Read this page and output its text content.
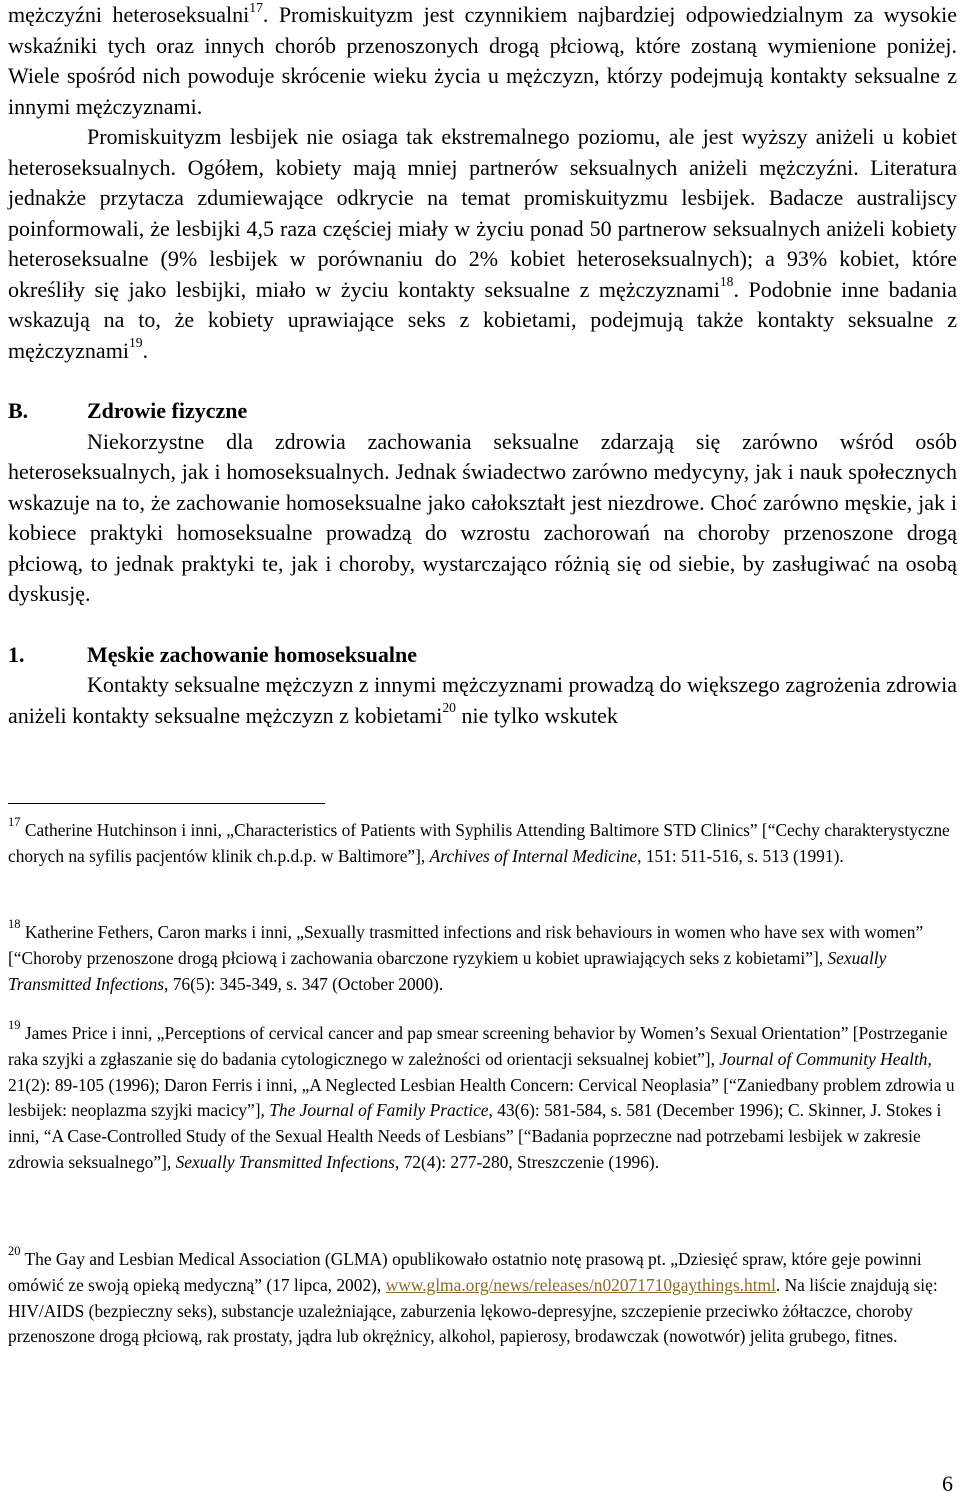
mężczyźni heteroseksualni$^{17}$. Promiskuityzm jest czynnikiem najbardziej odpowiedzialnym za wysokie wskaźniki tych oraz innych chorób przenoszonych drogą płciową, które zostaną wymienione poniżej. Wiele spośród nich powoduje skrócenie wieku życia u mężczyzn, którzy podejmują kontakty seksualne z innymi mężczyznami.

Promiskuityzm lesbijek nie osiaga tak ekstremalnego poziomu, ale jest wyższy aniżeli u kobiet heteroseksualnych. Ogółem, kobiety mają mniej partnerów seksualnych aniżeli mężczyźni. Literatura jednakże przytacza zdumiewające odkrycie na temat promiskuityzmu lesbijek. Badacze australijscy poinformowali, że lesbijki 4,5 raza częściej miały w życiu ponad 50 partnerow seksualnych aniżeli kobiety heteroseksualne (9% lesbijek w porównaniu do 2% kobiet heteroseksualnych); a 93% kobiet, które określiły się jako lesbijki, miało w życiu kontakty seksualne z mężczyznami$^{18}$. Podobnie inne badania wskazują na to, że kobiety uprawiające seks z kobietami, podejmują także kontakty seksualne z mężczyznami$^{19}$.

B.	Zdrowie fizyczne

Niekorzystne dla zdrowia zachowania seksualne zdarzają się zarówno wśród osób heteroseksualnych, jak i homoseksualnych. Jednak świadectwo zarówno medycyny, jak i nauk społecznych wskazuje na to, że zachowanie homoseksualne jako całokształt jest niezdrowe. Choć zarówno męskie, jak i kobiece praktyki homoseksualne prowadzą do wzrostu zachorowań na choroby przenoszone drogą płciową, to jednak praktyki te, jak i choroby, wystarczająco różnią się od siebie, by zasługiwać na osobą dyskusję.

1.	Męskie zachowanie homoseksualne

Kontakty seksualne mężczyzn z innymi mężczyznami prowadzą do większego zagrożenia zdrowia aniżeli kontakty seksualne mężczyzn z kobietami$^{20}$ nie tylko wskutek

$^{17}$ Catherine Hutchinson i inni, „Characteristics of Patients with Syphilis Attending Baltimore STD Clinics” [“Cechy charakterystyczne chorych na syfilis pacjentów klinik ch.p.d.p. w Baltimore”], Archives of Internal Medicine, 151: 511-516, s. 513 (1991).

$^{18}$ Katherine Fethers, Caron marks i inni, „Sexually trasmitted infections and risk behaviours in women who have sex with women” [“Choroby przenoszone drogą płciową i zachowania obarczone ryzykiem u kobiet uprawiających seks z kobietami”], Sexually Transmitted Infections, 76(5): 345-349, s. 347 (October 2000).

$^{19}$ James Price i inni, „Perceptions of cervical cancer and pap smear screening behavior by Women’s Sexual Orientation” [Postrzeganie raka szyjki a zgłaszanie się do badania cytologicznego w zależności od orientacji seksualnej kobiet”], Journal of Community Health, 21(2): 89-105 (1996); Daron Ferris i inni, „A Neglected Lesbian Health Concern: Cervical Neoplasia” [“Zaniedbany problem zdrowia u lesbijek: neoplazma szyjki macicy”], The Journal of Family Practice, 43(6): 581-584, s. 581 (December 1996); C. Skinner, J. Stokes i inni, “A Case-Controlled Study of the Sexual Health Needs of Lesbians” [“Badania poprzeczne nad potrzebami lesbijek w zakresie zdrowia seksualnego”], Sexually Transmitted Infections, 72(4): 277-280, Streszczenie (1996).

$^{20}$ The Gay and Lesbian Medical Association (GLMA) opublikowało ostatnio notę prasową pt. „Dziesięć spraw, które geje powinni omówić ze swoją opieką medyczną” (17 lipca, 2002), www.glma.org/news/releases/n02071710gaythings.html. Na liście znajdują się: HIV/AIDS (bezpieczny seks), substancje uzależniające, zaburzenia lękowo-depresyjne, szczepienie przeciwko żółtaczce, choroby przenoszone drogą płciową, rak prostaty, jądra lub okrężnicy, alkohol, papierosy, brodawczak (nowotwór) jelita grubego, fitnes.

6
